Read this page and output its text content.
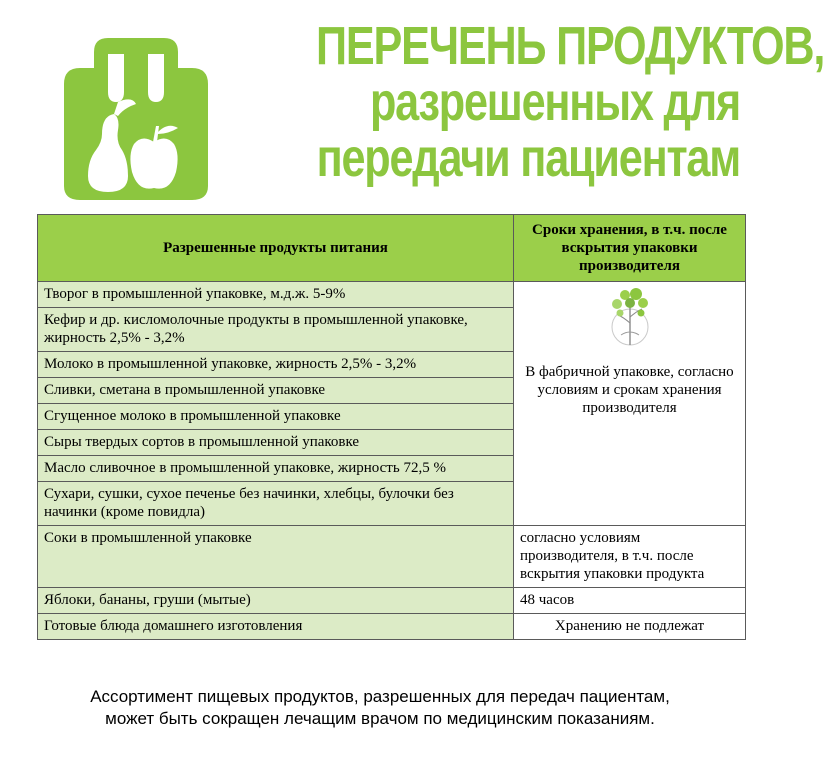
ПЕРЕЧЕНЬ ПРОДУКТОВ,
разрешенных для
передачи пациентам
Разрешенные продукты питания	Сроки хранения, в т.ч. после вскрытия упаковки производителя
Творог в промышленной упаковке, м.д.ж. 5-9%	В фабричной упаковке, согласно условиям и срокам хранения производителя
Кефир и др. кисломолочные продукты в промышленной упаковке, жирность 2,5% - 3,2%	
Молоко в промышленной упаковке, жирность 2,5% - 3,2%	
Сливки, сметана в промышленной упаковке	
Сгущенное молоко в промышленной упаковке	
Сыры твердых сортов в промышленной упаковке	
Масло сливочное в промышленной упаковке, жирность 72,5 %	
Сухари, сушки, сухое печенье без начинки, хлебцы, булочки без начинки (кроме повидла)	
Соки в промышленной упаковке	согласно условиям производителя, в т.ч. после вскрытия упаковки продукта
Яблоки, бананы, груши (мытые)	48 часов
Готовые блюда домашнего изготовления	Хранению не подлежат
Ассортимент пищевых продуктов, разрешенных для передач пациентам,
может быть сокращен лечащим врачом по медицинским показаниям.
